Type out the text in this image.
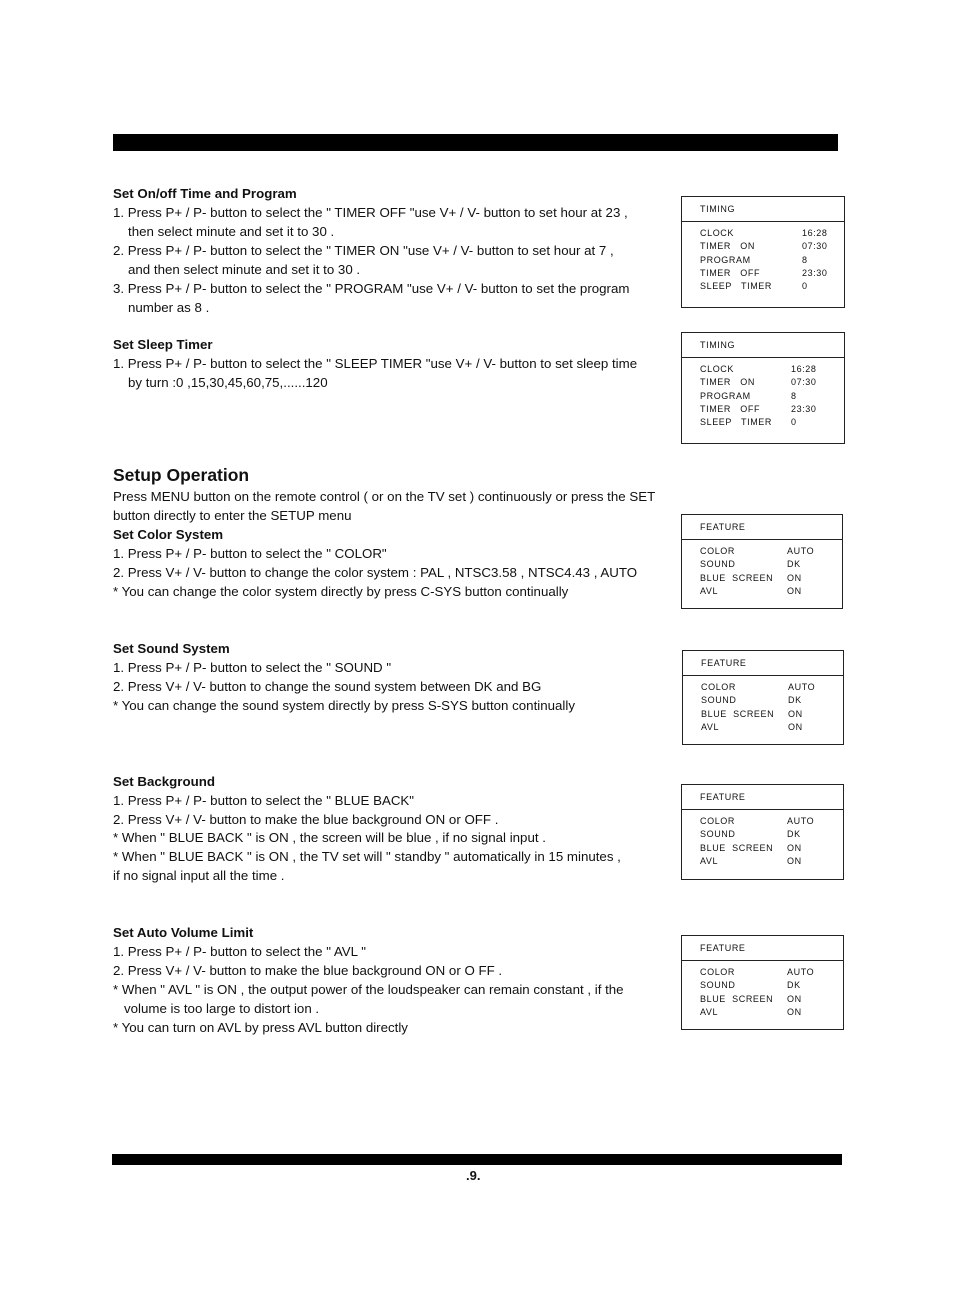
.9.
Set On/off Time and Program
1. Press P+ / P- button to select the " TIMER OFF "use V+ / V- button to set hour at 23 ,
then select minute and set it to 30 .
2. Press P+ / P- button to select the " TIMER ON "use V+ / V- button to set hour at 7 ,
and then select minute and set it to 30 .
3. Press P+ / P- button to select the " PROGRAM "use V+ / V- button to set the program
number as 8 .
Set Sleep Timer
1. Press P+ / P- button to select the " SLEEP TIMER "use V+ / V- button to set sleep time
by turn :0 ,15,30,45,60,75,......120
Setup Operation
Press MENU button on the remote control ( or on the TV set ) continuously or press the SET
button directly to enter the SETUP menu
Set Color System
1. Press P+ / P- button to select the " COLOR"
2. Press V+ / V- button to change the color system : PAL , NTSC3.58 , NTSC4.43 , AUTO
* You can change the color system directly by press C-SYS button continually
Set Sound System
1. Press P+ / P- button to select the " SOUND "
2. Press V+ / V- button to change the sound system between DK and BG
* You can change the sound system directly by press S-SYS button continually
Set Background
1. Press P+ / P- button to select the " BLUE BACK"
2. Press V+ / V- button to make the blue background ON or OFF .
* When " BLUE BACK " is ON , the screen will be blue , if no signal input .
* When " BLUE BACK " is ON , the TV set will " standby " automatically in 15 minutes ,
if no signal input all the time .
Set Auto Volume Limit
1. Press P+ / P- button to select the " AVL "
2. Press V+ / V- button to make the blue background ON or O FF .
* When " AVL " is ON , the output power of the loudspeaker can remain constant , if the
volume is too large to distort ion .
* You can turn on AVL by press AVL button directly
TIMING
CLOCK	16:28
TIMER   ON	07:30
PROGRAM	8
TIMER   OFF	23:30
SLEEP   TIMER	0
TIMING
CLOCK	16:28
TIMER   ON	07:30
PROGRAM	8
TIMER   OFF	23:30
SLEEP   TIMER 0
FEATURE
COLOR	AUTO
SOUND	DK
BLUE  SCREEN ON
AVL	ON
FEATURE
COLOR	AUTO
SOUND	DK
BLUE  SCREEN ON
AVL	ON
FEATURE
COLOR	AUTO
SOUND	DK
BLUE  SCREEN ON
AVL	ON
FEATURE
COLOR	AUTO
SOUND	DK
BLUE  SCREEN ON
AVL	ON
